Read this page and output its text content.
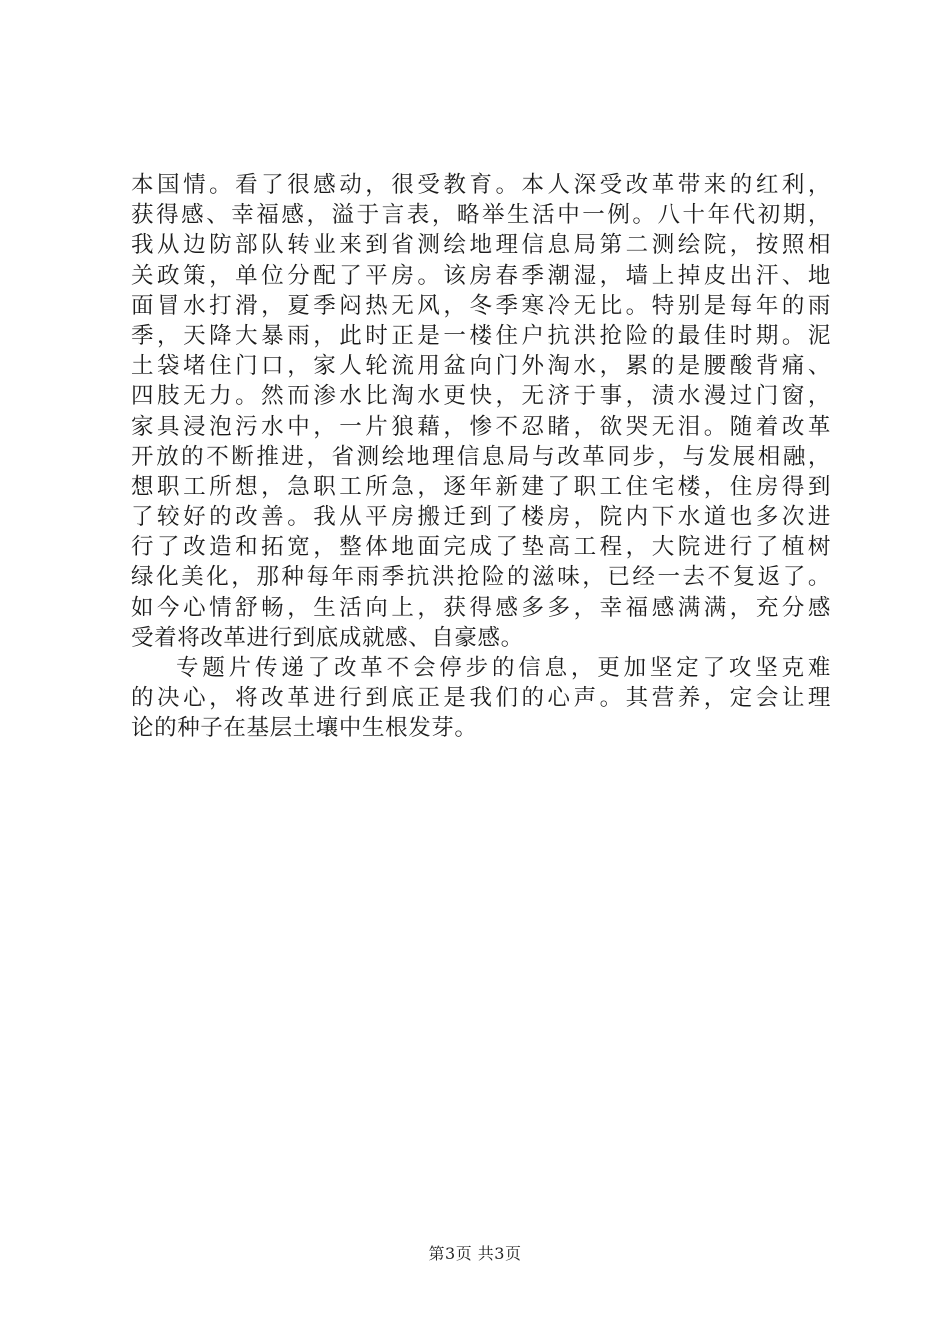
本国情。看了很感动，很受教育。本人深受改革带来的红利，
获得感、幸福感，溢于言表，略举生活中一例。八十年代初期，
我从边防部队转业来到省测绘地理信息局第二测绘院，按照相
关政策，单位分配了平房。该房春季潮湿，墙上掉皮出汗、地
面冒水打滑，夏季闷热无风，冬季寒冷无比。特别是每年的雨
季，天降大暴雨，此时正是一楼住户抗洪抢险的最佳时期。泥
土袋堵住门口，家人轮流用盆向门外淘水，累的是腰酸背痛、
四肢无力。然而渗水比淘水更快，无济于事，渍水漫过门窗，
家具浸泡污水中，一片狼藉，惨不忍睹，欲哭无泪。随着改革
开放的不断推进，省测绘地理信息局与改革同步，与发展相融，
想职工所想，急职工所急，逐年新建了职工住宅楼，住房得到
了较好的改善。我从平房搬迁到了楼房，院内下水道也多次进
行了改造和拓宽，整体地面完成了垫高工程，大院进行了植树
绿化美化，那种每年雨季抗洪抢险的滋味，已经一去不复返了。
如今心情舒畅，生活向上，获得感多多，幸福感满满，充分感
受着将改革进行到底成就感、自豪感。
专题片传递了改革不会停步的信息，更加坚定了攻坚克难
的决心，将改革进行到底正是我们的心声。其营养，定会让理
论的种子在基层土壤中生根发芽。
第3页 共3页
